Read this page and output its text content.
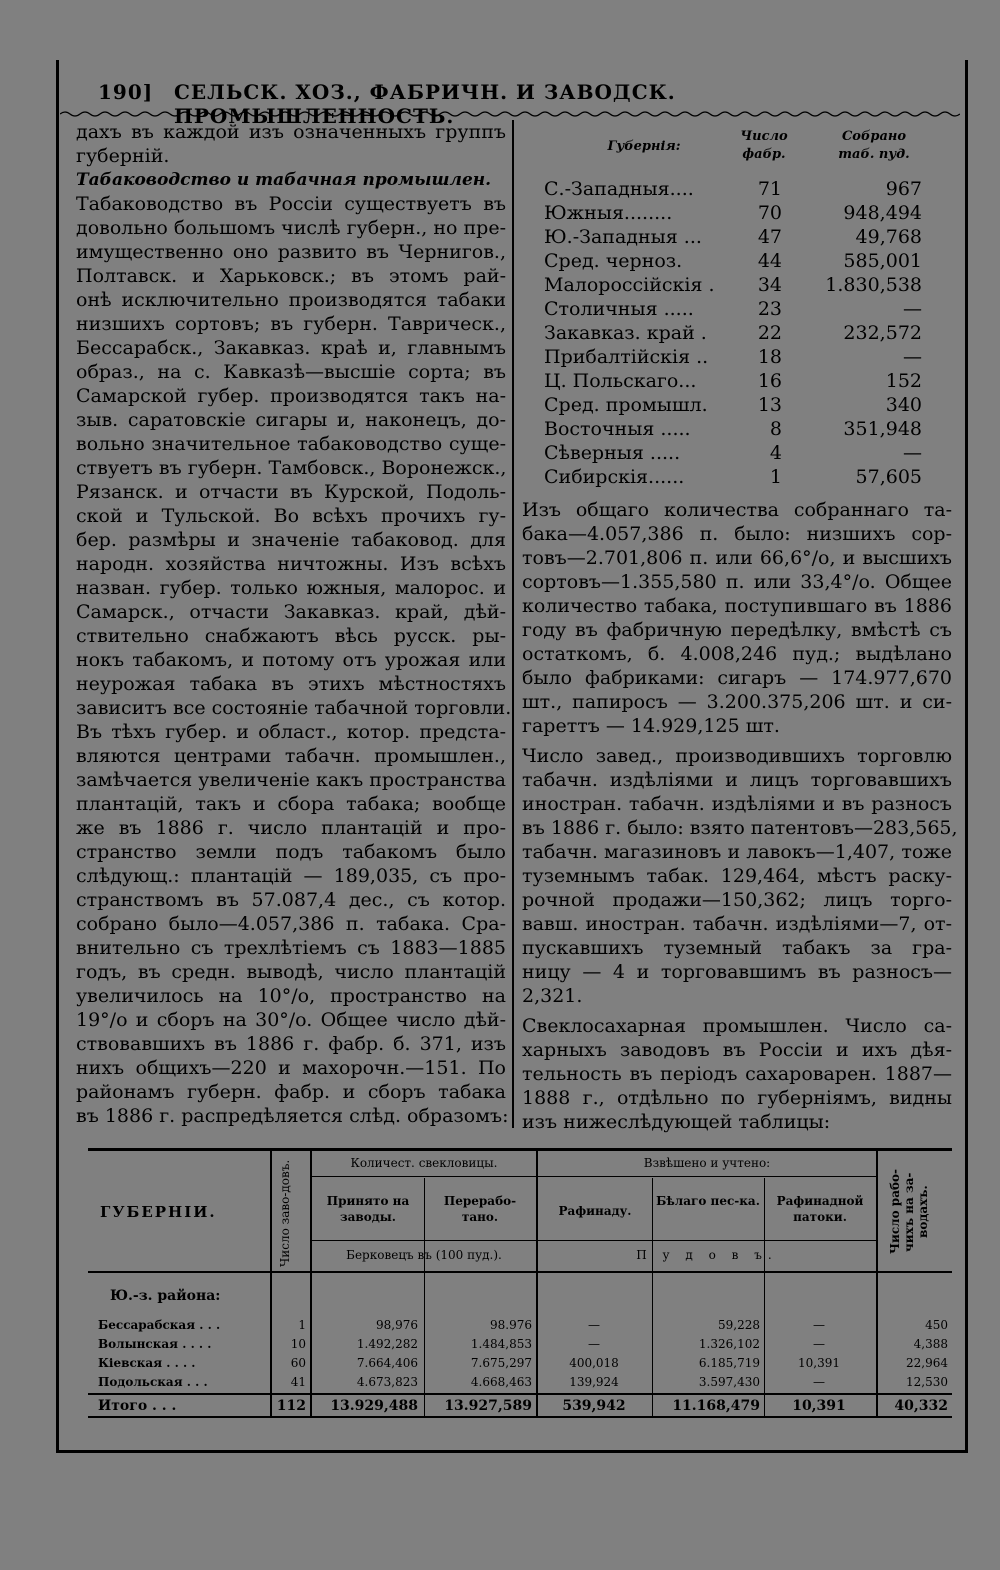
190] СЕЛЬСК. ХОЗ., ФАБРИЧН. И ЗАВОДСК. ПРОМЫШЛЕННОСТЬ.
дахъ въ каждой изъ означенныхъ группъ
губерній.
Табаководство и табачная промышлен.
Табаководство въ Россіи существуетъ въ
довольно большомъ числѣ губерн., но пре-
имущественно оно развито въ Чернигов.,
Полтавск. и Харьковск.; въ этомъ рай-
онѣ исключительно производятся табаки
низшихъ сортовъ; въ губерн. Таврическ.,
Бессарабск., Закавказ. краѣ и, главнымъ
образ., на с. Кавказѣ—высшіе сорта; въ
Самарской губер. производятся такъ на-
зыв. саратовскіе сигары и, наконецъ, до-
вольно значительное табаководство суще-
ствуетъ въ губерн. Тамбовск., Воронежск.,
Рязанск. и отчасти въ Курской, Подоль-
ской и Тульской. Во всѣхъ прочихъ гу-
бер. размѣры и значеніе табаковод. для
народн. хозяйства ничтожны. Изъ всѣхъ
назван. губер. только южныя, малорос. и
Самарск., отчасти Закавказ. край, дѣй-
ствительно снабжаютъ вѣсь русск. ры-
нокъ табакомъ, и потому отъ урожая или
неурожая табака въ этихъ мѣстностяхъ
зависитъ все состояніе табачной торговли.
Въ тѣхъ губер. и област., котор. предста-
вляются центрами табачн. промышлен.,
замѣчается увеличеніе какъ пространства
плантацій, такъ и сбора табака; вообще
же въ 1886 г. число плантацій и про-
странство земли подъ табакомъ было
слѣдующ.: плантацій — 189,035, съ про-
странствомъ въ 57.087,4 дес., съ котор.
собрано было—4.057,386 п. табака. Сра-
внительно съ трехлѣтіемъ съ 1883—1885
годъ, въ средн. выводѣ, число плантацій
увеличилось на 10°/o, пространство на
19°/o и сборъ на 30°/o. Общее число дѣй-
ствовавшихъ въ 1886 г. фабр. б. 371, изъ
нихъ общихъ—220 и махорочн.—151. По
районамъ губерн. фабр. и сборъ табака
въ 1886 г. распредѣляется слѣд. образомъ:
Губернія:
Число фабр.
Собрано таб. пуд.
С.-Западныя....	71	967
Южныя........	70	948,494
Ю.-Западныя ...	47	49,768
Сред. черноз.	44	585,001
Малороссійскія .	34 1.830,538
Столичныя .....	23	—
Закавказ. край .	22	232,572
Прибалтійскія ..	18	—
Ц. Польскаго...	16	152
Сред. промышл.	13	340
Восточныя .....	8	351,948
Сѣверныя .....	4	—
Сибирскія......	1	57,605
Изъ общаго количества собраннаго та-
бака—4.057,386 п. было: низшихъ сор-
товъ—2.701,806 п. или 66,6°/o, и высшихъ
сортовъ—1.355,580 п. или 33,4°/o. Общее
количество табака, поступившаго въ 1886
году въ фабричную передѣлку, вмѣстѣ съ
остаткомъ, б. 4.008,246 пуд.; выдѣлано
было фабриками: сигаръ — 174.977,670
шт., папиросъ — 3.200.375,206 шт. и си-
гареттъ — 14.929,125 шт.
Число завед., производившихъ торговлю
табачн. издѣліями и лицъ торговавшихъ
иностран. табачн. издѣліями и въ разносъ
въ 1886 г. было: взято патентовъ—283,565,
табачн. магазиновъ и лавокъ—1,407, тоже
туземнымъ табак. 129,464, мѣстъ раску-
рочной продажи—150,362; лицъ торго-
вавш. иностран. табачн. издѣліями—7, от-
пускавшихъ туземный табакъ за гра-
ницу — 4 и торговавшимъ въ разносъ—
2,321.
Свеклосахарная промышлен. Число са-
харныхъ заводовъ въ Россіи и ихъ дѣя-
тельность въ періодъ сахароварен. 1887—
1888 г., отдѣльно по губерніямъ, видны
изъ нижеслѣдующей таблицы:
ГУБЕРНІИ.	Число заво-довъ.	Количест. свекловицы.
Принято на заводы.
Перерабо-тано.
Берковецъ въ (100 пуд.).
Взвѣшено и учтено:
Рафинаду.
Бѣлаго пес-ка.	Рафинадной патоки.
П у д о в ъ.
Число рабо-чихъ на за-водахъ.
Ю.-з. района:
Бессарабская . . .	1	98,976	98.976	—	59,228	—	450
Волынская . . . .	10	1.492,282	1.484,853	—	1.326,102	—	4,388
Кіевская . . . .	60	7.664,406	7.675,297	400,018	6.185,719	10,391	22,964
Подольская . . .	41	4.673,823	4.668,463	139,924	3.597,430	—	12,530
Итого . . .	112	13.929,488	13.927,589	539,942	11.168,479	10,391	40,332
